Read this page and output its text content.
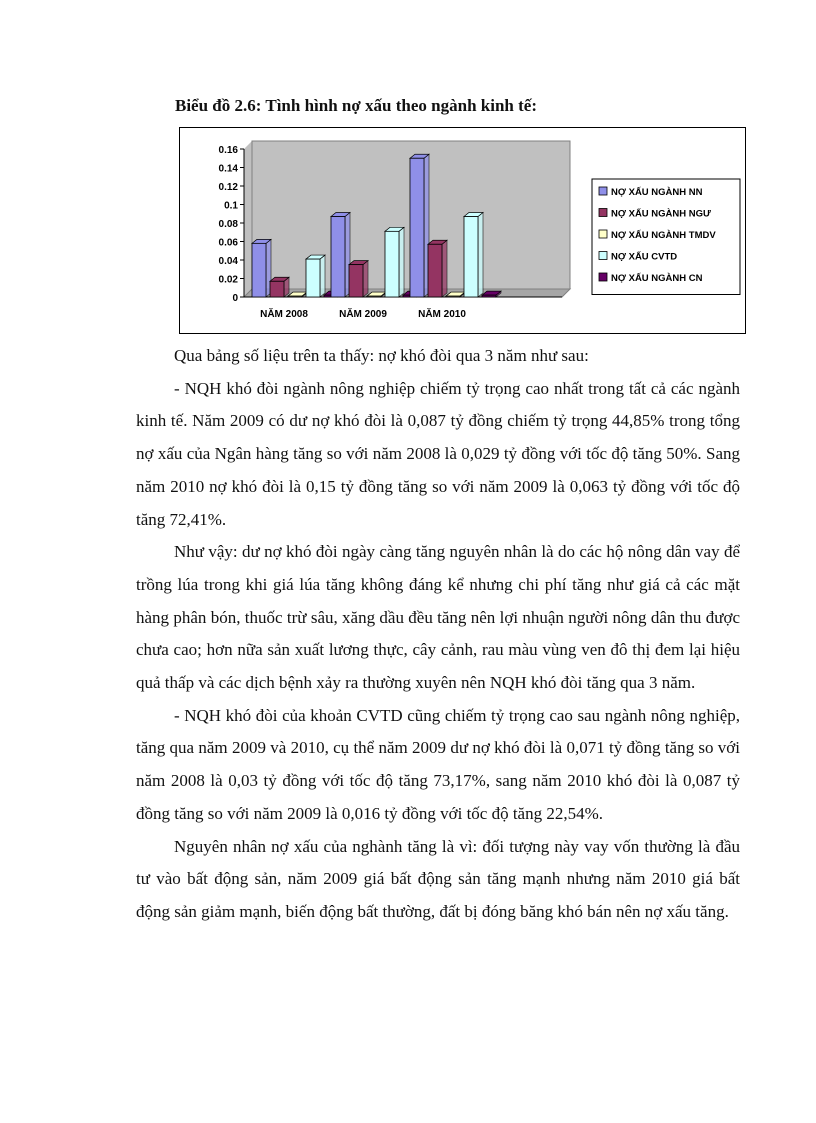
Biểu đồ 2.6: Tình hình nợ xấu theo ngành kinh tế:
0
0.02
0.04
0.06
0.08
0.1
0.12
0.14
0.16
NĂM 2008	NĂM 2009	NĂM 2010
NỢ XẤU NGÀNH NN
NỢ XẤU NGÀNH NGƯ
NỢ XẤU NGÀNH TMDV
NỢ XẤU CVTD
NỢ XẤU NGÀNH CN

Qua bảng số liệu trên ta thấy: nợ khó đòi qua 3 năm như sau:

- NQH khó đòi ngành nông nghiệp chiếm tỷ trọng cao nhất trong tất cả các ngành kinh tế. Năm 2009 có dư nợ khó đòi là 0,087 tỷ đồng chiếm tỷ trọng 44,85% trong tổng nợ xấu của Ngân hàng tăng so với năm 2008 là 0,029 tỷ đồng với tốc độ tăng 50%. Sang năm 2010 nợ khó đòi là 0,15 tỷ đồng tăng so với năm 2009 là 0,063 tỷ đồng với tốc độ tăng 72,41%.

Như vậy: dư nợ khó đòi ngày càng tăng nguyên nhân là do các hộ nông dân vay để trồng lúa trong khi giá lúa tăng không đáng kể nhưng chi phí tăng như giá cả các mặt hàng phân bón, thuốc trừ sâu, xăng dầu đều tăng nên lợi nhuận người nông dân thu được chưa cao; hơn nữa sản xuất lương thực, cây cảnh, rau màu vùng ven đô thị đem lại hiệu quả thấp và các dịch bệnh xảy ra thường xuyên nên NQH khó đòi tăng qua 3 năm.

- NQH khó đòi của khoản CVTD cũng chiếm tỷ trọng cao sau ngành nông nghiệp, tăng qua năm 2009 và 2010, cụ thể năm 2009 dư nợ khó đòi là 0,071 tỷ đồng tăng so với năm 2008 là 0,03 tỷ đồng với tốc độ tăng 73,17%, sang năm 2010 khó đòi là 0,087 tỷ đồng tăng so với năm 2009 là 0,016 tỷ đồng với tốc độ tăng 22,54%.

Nguyên nhân nợ xấu của nghành tăng là vì: đối tượng này vay vốn thường là đầu tư vào bất động sản, năm 2009 giá bất động sản tăng mạnh nhưng năm 2010 giá bất động sản giảm mạnh, biến động bất thường, đất bị đóng băng khó bán nên nợ xấu tăng.
